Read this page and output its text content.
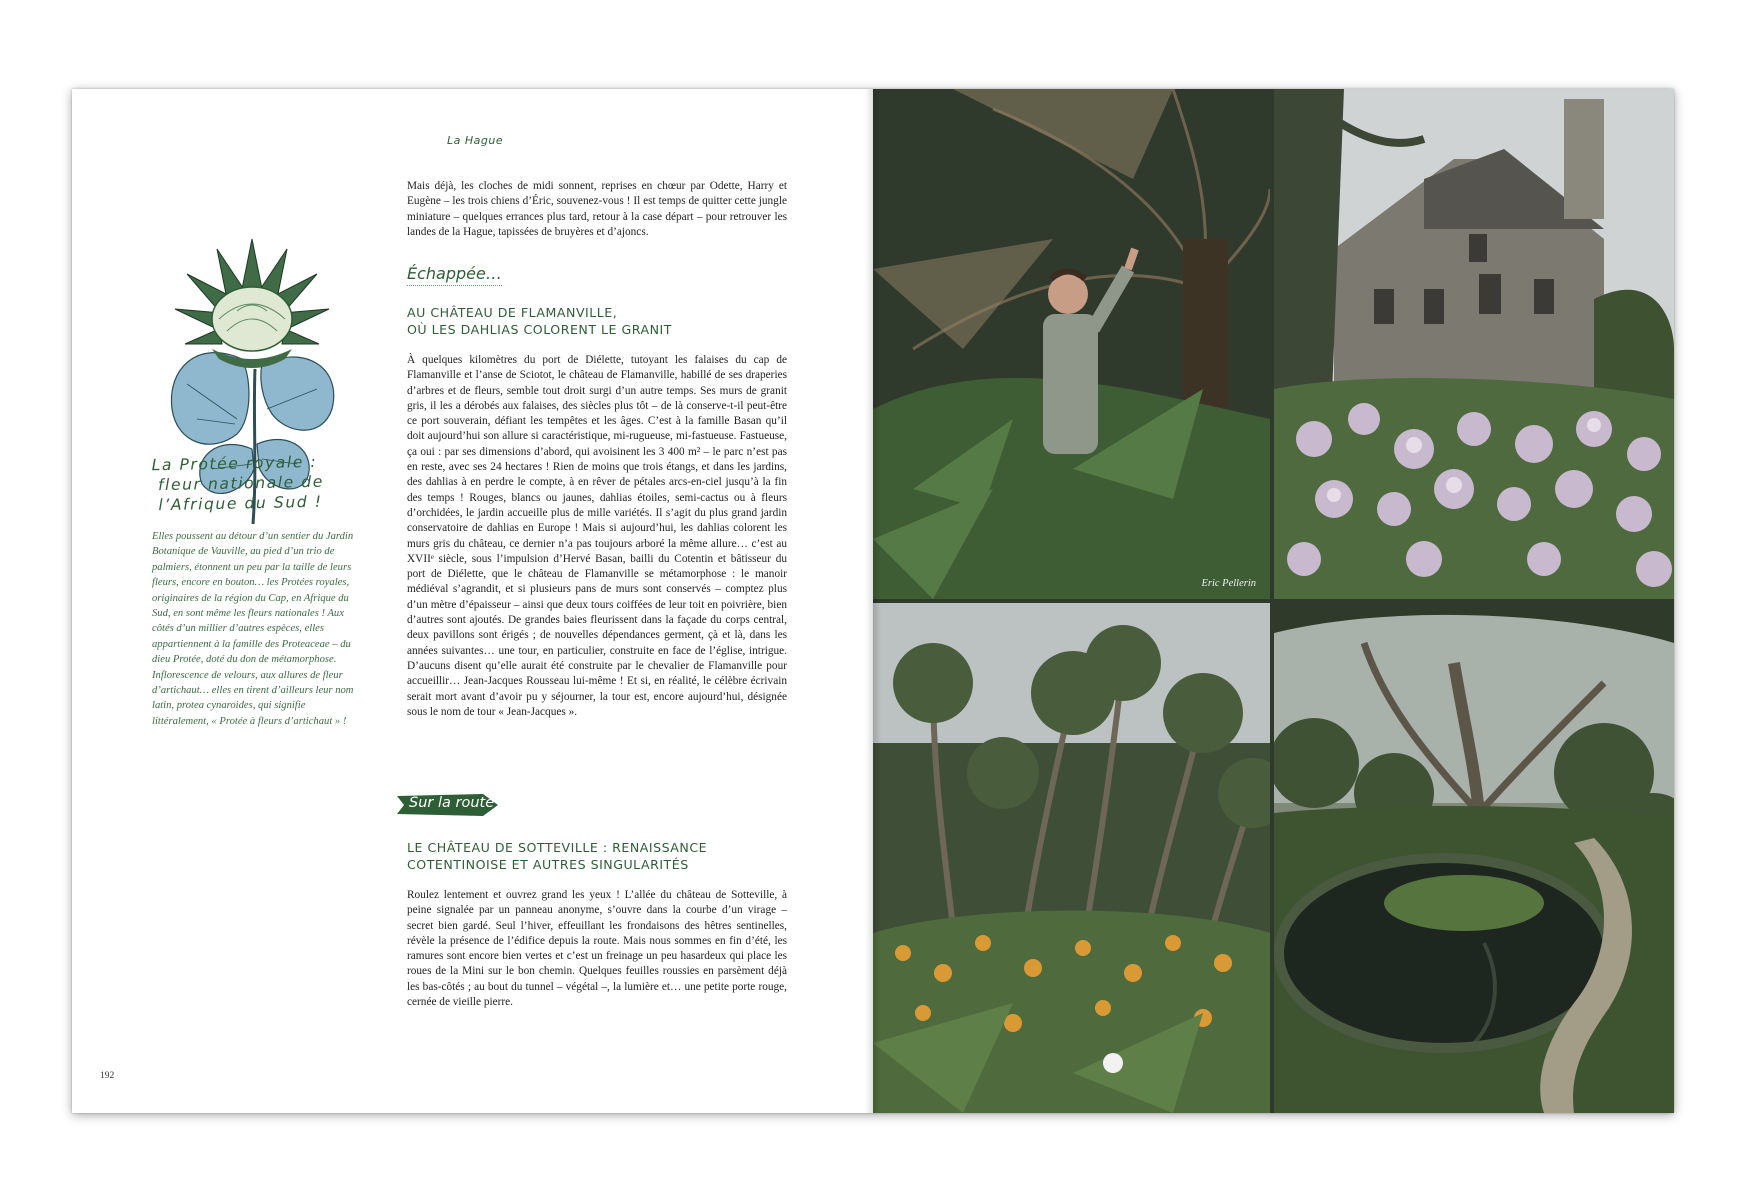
La Hague
La Protée royale :
fleur nationale de
l’Afrique du Sud !
Elles poussent au détour d’un sentier du Jardin Botanique de Vauville, au pied d’un trio de palmiers, étonnent un peu par la taille de leurs fleurs, encore en bouton… les Protées royales, originaires de la région du Cap, en Afrique du Sud, en sont même les fleurs nationales ! Aux côtés d’un millier d’autres espèces, elles appartiennent à la famille des Proteaceae – du dieu Protée, doté du don de métamorphose. Inflorescence de velours, aux allures de fleur d’artichaut… elles en tirent d’ailleurs leur nom latin, protea cynaroides, qui signifie littéralement, « Protée à fleurs d’artichaut » !
Mais déjà, les cloches de midi sonnent, reprises en chœur par Odette, Harry et Eugène – les trois chiens d’Éric, souvenez-vous ! Il est temps de quitter cette jungle miniature – quelques errances plus tard, retour à la case départ – pour retrouver les landes de la Hague, tapissées de bruyères et d’ajoncs.
Échappée…
AU CHÂTEAU DE FLAMANVILLE,
OÙ LES DAHLIAS COLORENT LE GRANIT
À quelques kilomètres du port de Diélette, tutoyant les falaises du cap de Flamanville et l’anse de Sciotot, le château de Flamanville, habillé de ses draperies d’arbres et de fleurs, semble tout droit surgi d’un autre temps. Ses murs de granit gris, il les a dérobés aux falaises, des siècles plus tôt – de là conserve-t-il peut-être ce port souverain, défiant les tempêtes et les âges. C’est à la famille Basan qu’il doit aujourd’hui son allure si caractéristique, mi-rugueuse, mi-fastueuse. Fastueuse, ça oui : par ses dimensions d’abord, qui avoisinent les 3 400 m² – le parc n’est pas en reste, avec ses 24 hectares ! Rien de moins que trois étangs, et dans les jardins, des dahlias à en perdre le compte, à en rêver de pétales arcs-en-ciel jusqu’à la fin des temps ! Rouges, blancs ou jaunes, dahlias étoiles, semi-cactus ou à fleurs d’orchidées, le jardin accueille plus de mille variétés. Il s’agit du plus grand jardin conservatoire de dahlias en Europe ! Mais si aujourd’hui, les dahlias colorent les murs gris du château, ce dernier n’a pas toujours arboré la même allure… c’est au XVIIᵉ siècle, sous l’impulsion d’Hervé Basan, bailli du Cotentin et bâtisseur du port de Diélette, que le château de Flamanville se métamorphose : le manoir médiéval s’agrandit, et si plusieurs pans de murs sont conservés – comptez plus d’un mètre d’épaisseur – ainsi que deux tours coiffées de leur toit en poivrière, bien d’autres sont ajoutés. De grandes baies fleurissent dans la façade du corps central, deux pavillons sont érigés ; de nouvelles dépendances germent, çà et là, dans les années suivantes… une tour, en particulier, construite en face de l’église, intrigue. D’aucuns disent qu’elle aurait été construite par le chevalier de Flamanville pour accueillir… Jean-Jacques Rousseau lui-même ! Et si, en réalité, le célèbre écrivain serait mort avant d’avoir pu y séjourner, la tour est, encore aujourd’hui, désignée sous le nom de tour « Jean-Jacques ».
Sur la route
LE CHÂTEAU DE SOTTEVILLE : RENAISSANCE
COTENTINOISE ET AUTRES SINGULARITÉS
Roulez lentement et ouvrez grand les yeux ! L’allée du château de Sotteville, à peine signalée par un panneau anonyme, s’ouvre dans la courbe d’un virage – secret bien gardé. Seul l’hiver, effeuillant les frondaisons des hêtres sentinelles, révèle la présence de l’édifice depuis la route. Mais nous sommes en fin d’été, les ramures sont encore bien vertes et c’est un freinage un peu hasardeux qui place les roues de la Mini sur le bon chemin. Quelques feuilles roussies en parsèment déjà les bas-côtés ; au bout du tunnel – végétal –, la lumière et… une petite porte rouge, cernée de vieille pierre.
192
Eric Pellerin
